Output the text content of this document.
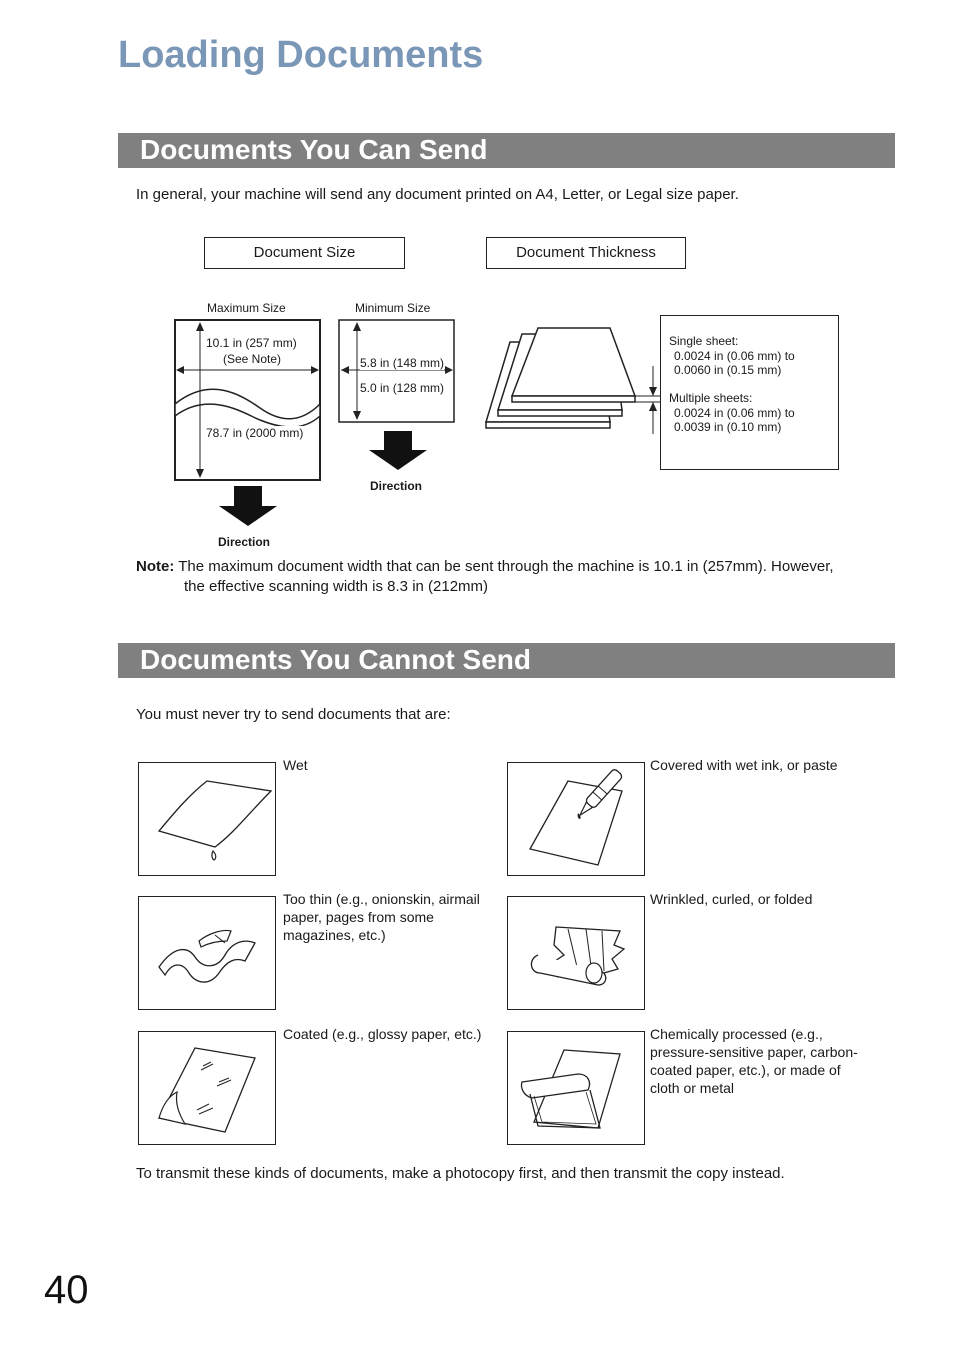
Loading Documents
Documents You Can Send
In general, your machine will send any document printed on A4, Letter, or Legal size paper.
Document Size	Document Thickness
Maximum Size
10.1 in (257 mm)
(See Note)
78.7 in (2000 mm)
Direction
Minimum Size
5.8 in (148 mm)
5.0 in (128 mm)
Direction
Single sheet:
0.0024 in (0.06 mm) to
0.0060 in (0.15 mm)
Multiple sheets:
0.0024 in (0.06 mm) to
0.0039 in (0.10 mm)
Note: The maximum document width that can be sent through the machine is 10.1 in (257mm). However,
the effective scanning width is 8.3 in (212mm)
Documents You Cannot Send
You must never try to send documents that are:
Wet	Covered with wet ink, or paste
Too thin (e.g., onionskin, airmail paper, pages from some magazines, etc.)
Wrinkled, curled, or folded
Coated (e.g., glossy paper, etc.)	Chemically processed (e.g., pressure-sensitive paper, carbon-coated paper, etc.), or made of cloth or metal
To transmit these kinds of documents, make a photocopy first, and then transmit the copy instead.
40
